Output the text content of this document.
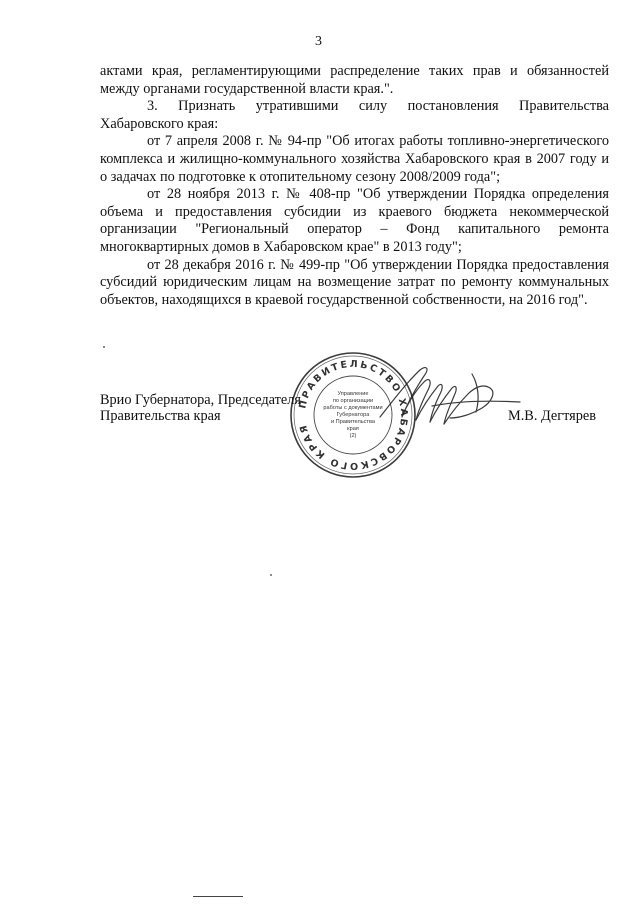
3

актами края, регламентирующими распределение таких прав и обязанностей между органами государственной власти края.".

3. Признать утратившими силу постановления Правительства Хабаровского края:

от 7 апреля 2008 г. № 94-пр "Об итогах работы топливно-энергетического комплекса и жилищно-коммунального хозяйства Хабаровского края в 2007 году и о задачах по подготовке к отопительному сезону 2008/2009 года";

от 28 ноября 2013 г. № 408-пр "Об утверждении Порядка определения объема и предоставления субсидии из краевого бюджета некоммерческой организации "Региональный оператор – Фонд капитального ремонта многоквартирных домов в Хабаровском крае" в 2013 году";

от 28 декабря 2016 г. № 499-пр "Об утверждении Порядка предоставления субсидий юридическим лицам на возмещение затрат по ремонту коммунальных объектов, находящихся в краевой государственной собственности, на 2016 год".

Врио Губернатора, Председателя
Правительства края
ПРАВИТЕЛЬСТВО ХАБАРОВСКОГО КРАЯ
Управление
по организации
работы с документами
Губернатора
и Правительства
края
(2)
М.В. Дегтярев
